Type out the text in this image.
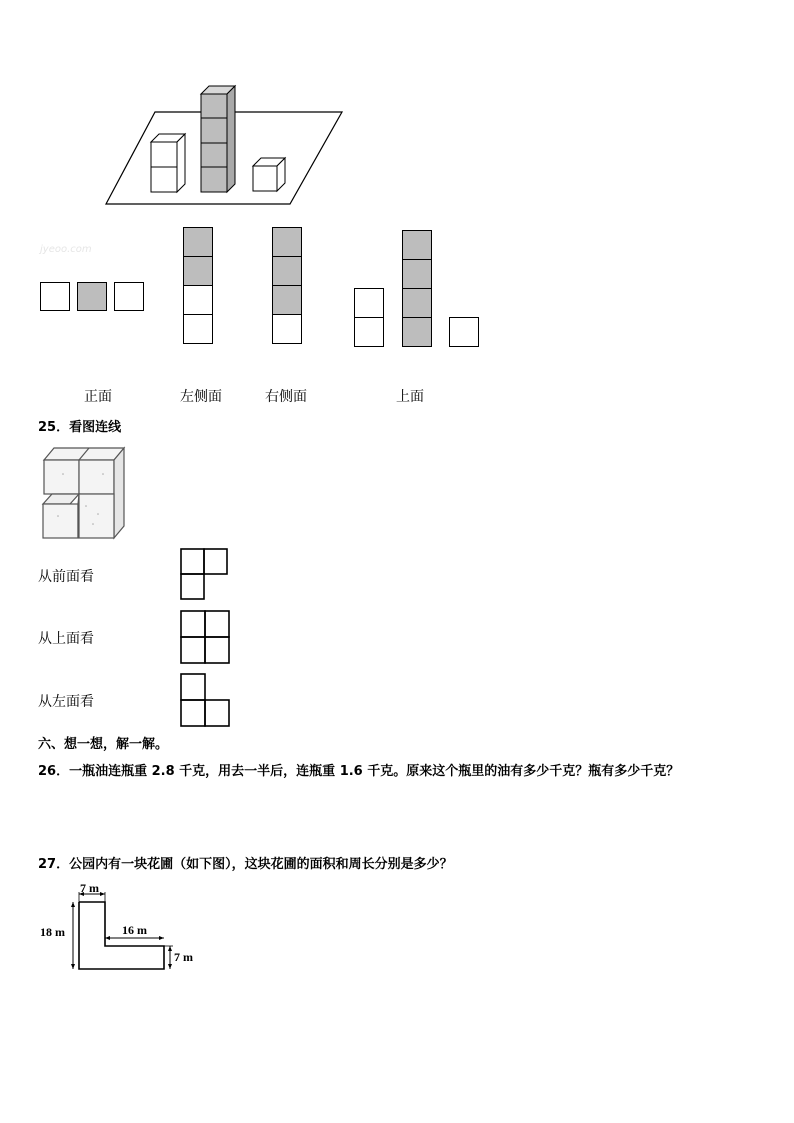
jyeoo.com
正面	左侧面	右侧面	上面
25．看图连线
从前面看
从上面看
从左面看
六、想一想，解一解。
26．一瓶油连瓶重 2.8 千克，用去一半后，连瓶重 1.6 千克。原来这个瓶里的油有多少千克？瓶有多少千克？
27．公园内有一块花圃（如下图），这块花圃的面积和周长分别是多少？
7 m
18 m	16 m
7 m
